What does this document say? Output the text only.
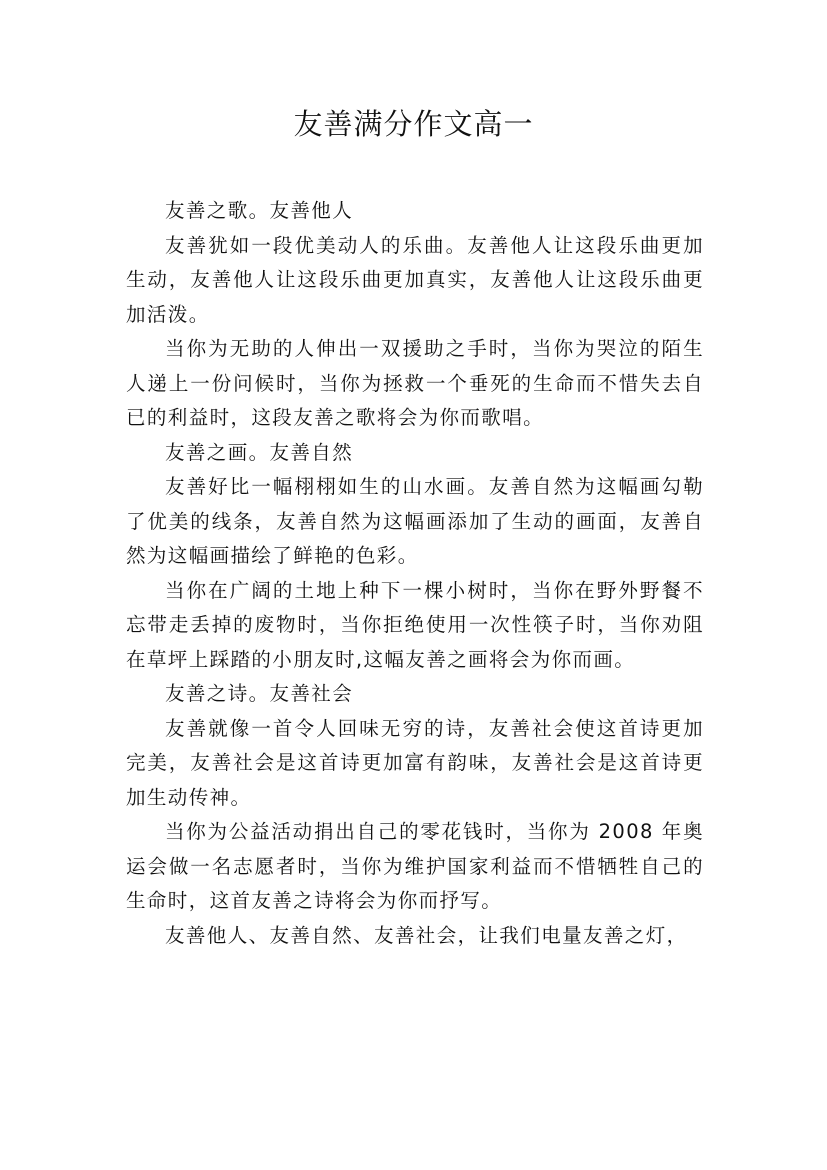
友善满分作文高一

友善之歌。友善他人

友善犹如一段优美动人的乐曲。友善他人让这段乐曲更加生动，友善他人让这段乐曲更加真实，友善他人让这段乐曲更加活泼。

当你为无助的人伸出一双援助之手时，当你为哭泣的陌生人递上一份问候时，当你为拯救一个垂死的生命而不惜失去自已的利益时，这段友善之歌将会为你而歌唱。

友善之画。友善自然

友善好比一幅栩栩如生的山水画。友善自然为这幅画勾勒了优美的线条，友善自然为这幅画添加了生动的画面，友善自然为这幅画描绘了鲜艳的色彩。

当你在广阔的土地上种下一棵小树时，当你在野外野餐不忘带走丢掉的废物时，当你拒绝使用一次性筷子时，当你劝阻在草坪上踩踏的小朋友时,这幅友善之画将会为你而画。

友善之诗。友善社会

友善就像一首令人回味无穷的诗，友善社会使这首诗更加完美，友善社会是这首诗更加富有韵味，友善社会是这首诗更加生动传神。

当你为公益活动捐出自己的零花钱时，当你为 2008 年奥运会做一名志愿者时，当你为维护国家利益而不惜牺牲自己的生命时，这首友善之诗将会为你而抒写。

友善他人、友善自然、友善社会，让我们电量友善之灯，
